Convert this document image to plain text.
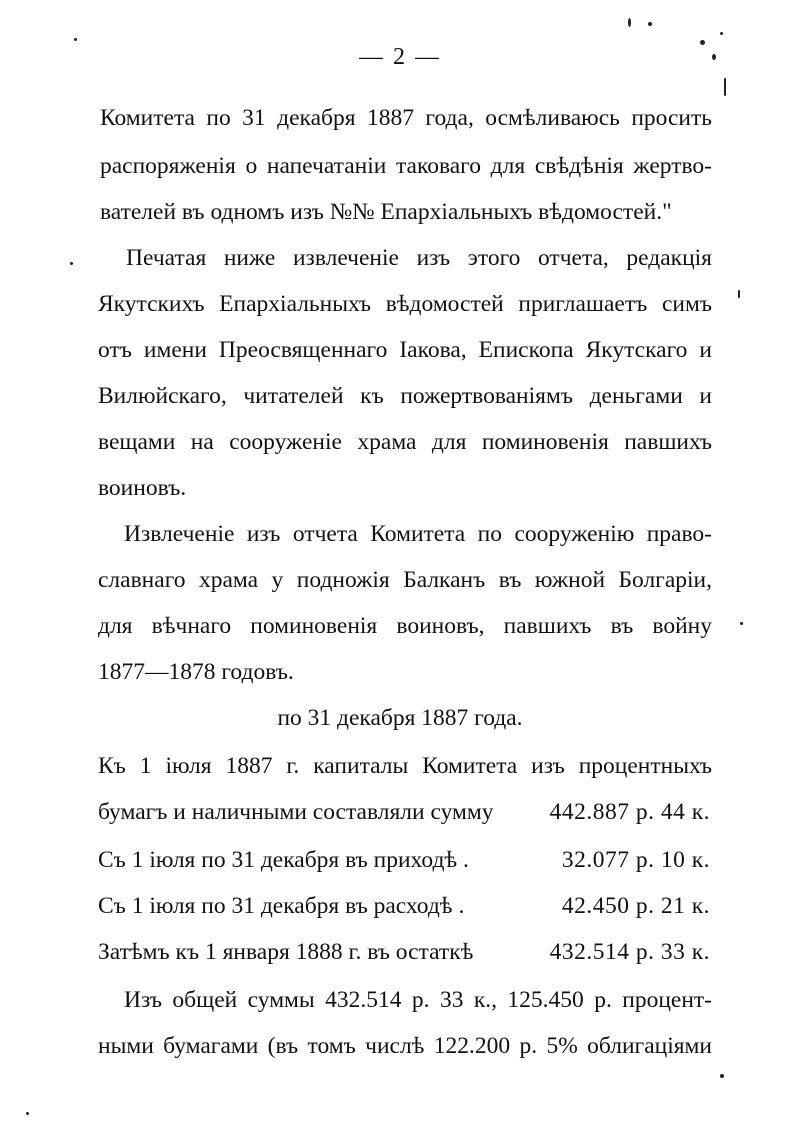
— 2 —
Комитета по 31 декабря 1887 года, осмѣливаюсь просить
распоряженія о напечатаніи таковаго для свѣдѣнія жертво-
вателей въ одномъ изъ №№ Епархіальныхъ вѣдомостей."
Печатая ниже извлеченіе изъ этого отчета, редакція
Якутскихъ Епархіальныхъ вѣдомостей приглашаетъ симъ
отъ имени Преосвященнаго Іакова, Епископа Якутскаго и
Вилюйскаго, читателей къ пожертвованіямъ деньгами и
вещами на сооруженіе храма для поминовенія павшихъ
воиновъ.
Извлеченіе изъ отчета Комитета по сооруженію право-
славнаго храма у подножія Балканъ въ южной Болгаріи,
для вѣчнаго поминовенія воиновъ, павшихъ въ войну
1877—1878 годовъ.
по 31 декабря 1887 года.
Къ 1 іюля 1887 г. капиталы Комитета изъ процентныхъ
бумагъ и наличными составляли сумму 442.887 р. 44 к.
Съ 1 іюля по 31 декабря въ приходѣ .	32.077 р. 10 к.
Съ 1 іюля по 31 декабря въ расходѣ .	42.450 р. 21 к.
Затѣмъ къ 1 января 1888 г. въ остаткѣ	432.514 р. 33 к.
Изъ общей суммы 432.514 р. 33 к., 125.450 р. процент-
ными бумагами (въ томъ числѣ 122.200 р. 5% облигаціями
